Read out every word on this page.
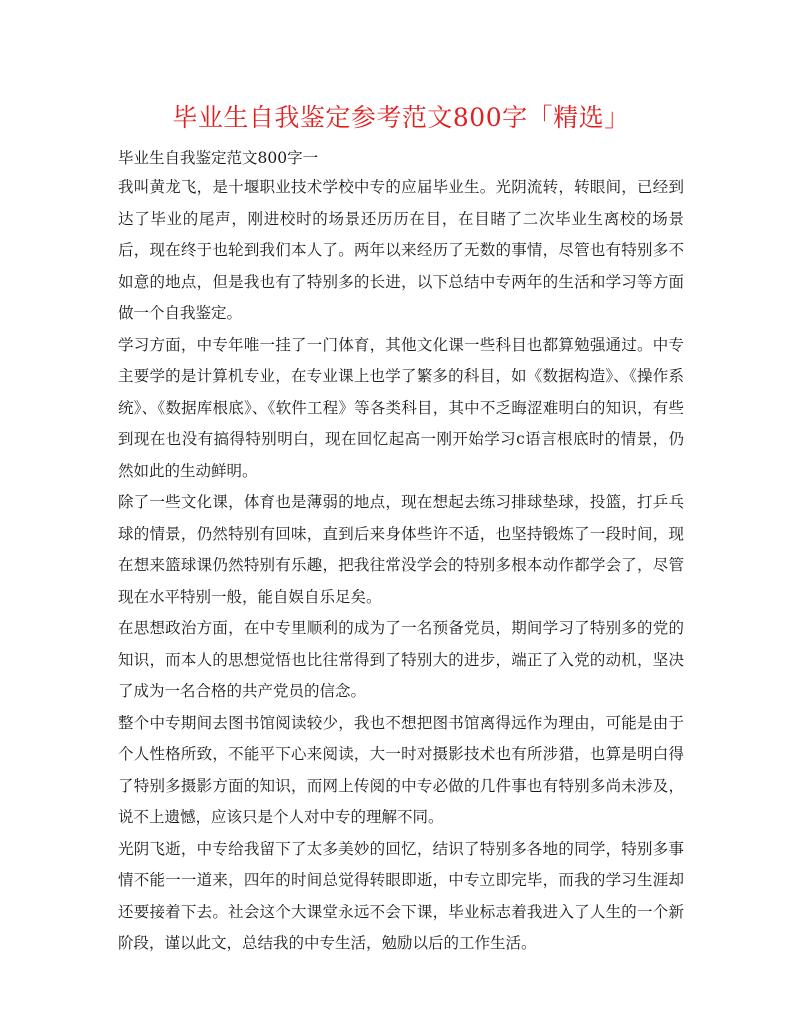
毕业生自我鉴定参考范文800字「精选」

毕业生自我鉴定范文800字一

我叫黄龙飞，是十堰职业技术学校中专的应届毕业生。光阴流转，转眼间，已经到达了毕业的尾声，刚进校时的场景还历历在目，在目睹了二次毕业生离校的场景后，现在终于也轮到我们本人了。两年以来经历了无数的事情，尽管也有特别多不如意的地点，但是我也有了特别多的长进，以下总结中专两年的生活和学习等方面做一个自我鉴定。

学习方面，中专年唯一挂了一门体育，其他文化课一些科目也都算勉强通过。中专主要学的是计算机专业，在专业课上也学了繁多的科目，如《数据构造》、《操作系统》、《数据库根底》、《软件工程》等各类科目，其中不乏晦涩难明白的知识，有些到现在也没有搞得特别明白，现在回忆起高一刚开始学习c语言根底时的情景，仍然如此的生动鲜明。

除了一些文化课，体育也是薄弱的地点，现在想起去练习排球垫球，投篮，打乒乓球的情景，仍然特别有回味，直到后来身体些许不适，也坚持锻炼了一段时间，现在想来篮球课仍然特别有乐趣，把我往常没学会的特别多根本动作都学会了，尽管现在水平特别一般，能自娱自乐足矣。

在思想政治方面，在中专里顺利的成为了一名预备党员，期间学习了特别多的党的知识，而本人的思想觉悟也比往常得到了特别大的进步，端正了入党的动机，坚决了成为一名合格的共产党员的信念。

整个中专期间去图书馆阅读较少，我也不想把图书馆离得远作为理由，可能是由于个人性格所致，不能平下心来阅读，大一时对摄影技术也有所涉猎，也算是明白得了特别多摄影方面的知识，而网上传阅的中专必做的几件事也有特别多尚未涉及，说不上遗憾，应该只是个人对中专的理解不同。

光阴飞逝，中专给我留下了太多美妙的回忆，结识了特别多各地的同学，特别多事情不能一一道来，四年的时间总觉得转眼即逝，中专立即完毕，而我的学习生涯却还要接着下去。社会这个大课堂永远不会下课，毕业标志着我进入了人生的一个新阶段，谨以此文，总结我的中专生活，勉励以后的工作生活。
